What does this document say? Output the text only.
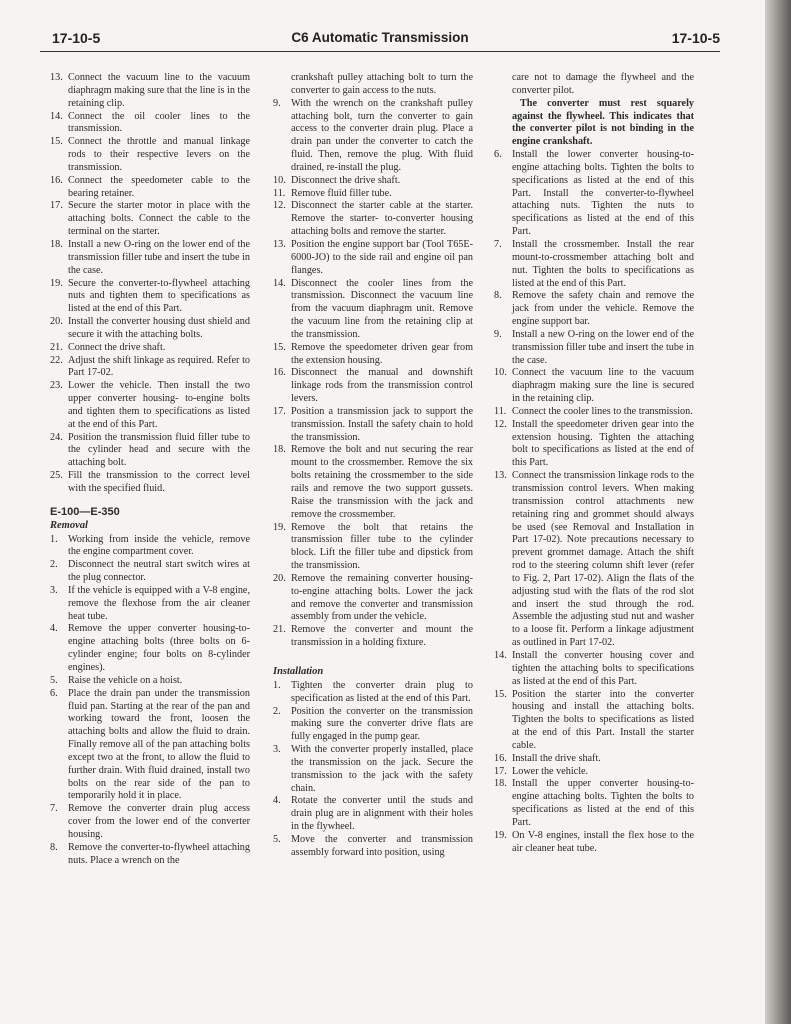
17-10-5	C6 Automatic Transmission	17-10-5
13. Connect the vacuum line to the vacuum diaphragm making sure that the line is in the retaining clip.
14. Connect the oil cooler lines to the transmission.
15. Connect the throttle and manual linkage rods to their respective levers on the transmission.
16. Connect the speedometer cable to the bearing retainer.
17. Secure the starter motor in place with the attaching bolts. Connect the cable to the terminal on the starter.
18. Install a new O-ring on the lower end of the transmission filler tube and insert the tube in the case.
19. Secure the converter-to-flywheel attaching nuts and tighten them to specifications as listed at the end of this Part.
20. Install the converter housing dust shield and secure it with the attaching bolts.
21. Connect the drive shaft.
22. Adjust the shift linkage as required. Refer to Part 17-02.
23. Lower the vehicle. Then install the two upper converter housing- to-engine bolts and tighten them to specifications as listed at the end of this Part.
24. Position the transmission fluid filler tube to the cylinder head and secure with the attaching bolt.
25. Fill the transmission to the correct level with the specified fluid.
E-100—E-350
Removal
1.	Working from inside the vehicle, remove the engine compartment cover.
2.	Disconnect the neutral start switch wires at the plug connector.
3.	If the vehicle is equipped with a V-8 engine, remove the flexhose from the air cleaner heat tube.
4.	Remove the upper converter housing-to-engine attaching bolts (three bolts on 6-cylinder engine; four bolts on 8-cylinder engines).
5.	Raise the vehicle on a hoist.
6.	Place the drain pan under the transmission fluid pan. Starting at the rear of the pan and working toward the front, loosen the attaching bolts and allow the fluid to drain. Finally remove all of the pan attaching bolts except two at the front, to allow the fluid to further drain. With fluid drained, install two bolts on the rear side of the pan to temporarily hold it in place.
7.	Remove the converter drain plug access cover from the lower end of the converter housing.
8.	Remove the converter-to-flywheel attaching nuts. Place a wrench on the
crankshaft pulley attaching bolt to turn the converter to gain access to the nuts.
9.	With the wrench on the crankshaft pulley attaching bolt, turn the converter to gain access to the converter drain plug. Place a drain pan under the converter to catch the fluid. Then, remove the plug. With fluid drained, re-install the plug.
10. Disconnect the drive shaft.
11. Remove fluid filler tube.
12. Disconnect the starter cable at the starter. Remove the starter- to-converter housing attaching bolts and remove the starter.
13. Position the engine support bar (Tool T65E-6000-JO) to the side rail and engine oil pan flanges.
14. Disconnect the cooler lines from the transmission. Disconnect the vacuum line from the vacuum diaphragm unit. Remove the vacuum line from the retaining clip at the transmission.
15. Remove the speedometer driven gear from the extension housing.
16. Disconnect the manual and downshift linkage rods from the transmission control levers.
17. Position a transmission jack to support the transmission. Install the safety chain to hold the transmission.
18. Remove the bolt and nut securing the rear mount to the crossmember. Remove the six bolts retaining the crossmember to the side rails and remove the two support gussets. Raise the transmission with the jack and remove the crossmember.
19. Remove the bolt that retains the transmission filler tube to the cylinder block. Lift the filler tube and dipstick from the transmission.
20. Remove the remaining converter housing-to-engine attaching bolts. Lower the jack and remove the converter and transmission assembly from under the vehicle.
21. Remove the converter and mount the transmission in a holding fixture.
Installation
1.	Tighten the converter drain plug to specification as listed at the end of this Part.
2.	Position the converter on the transmission making sure the converter drive flats are fully engaged in the pump gear.
3.	With the converter properly installed, place the transmission on the jack. Secure the transmission to the jack with the safety chain.
4.	Rotate the converter until the studs and drain plug are in alignment with their holes in the flywheel.
5.	Move the converter and transmission assembly forward into position, using
care not to damage the flywheel and the converter pilot.
The converter must rest squarely against the flywheel. This indicates that the converter pilot is not binding in the engine crankshaft.
6.	Install the lower converter housing-to-engine attaching bolts. Tighten the bolts to specifications as listed at the end of this Part. Install the converter-to-flywheel attaching nuts. Tighten the nuts to specifications as listed at the end of this Part.
7.	Install the crossmember. Install the rear mount-to-crossmember attaching bolt and nut. Tighten the bolts to specifications as listed at the end of this Part.
8.	Remove the safety chain and remove the jack from under the vehicle. Remove the engine support bar.
9.	Install a new O-ring on the lower end of the transmission filler tube and insert the tube in the case.
10. Connect the vacuum line to the vacuum diaphragm making sure the line is secured in the retaining clip.
11. Connect the cooler lines to the transmission.
12. Install the speedometer driven gear into the extension housing. Tighten the attaching bolt to specifications as listed at the end of this Part.
13. Connect the transmission linkage rods to the transmission control levers. When making transmission control attachments new retaining ring and grommet should always be used (see Removal and Installation in Part 17-02). Note precautions necessary to prevent grommet damage. Attach the shift rod to the steering column shift lever (refer to Fig. 2, Part 17-02). Align the flats of the adjusting stud with the flats of the rod slot and insert the stud through the rod. Assemble the adjusting stud nut and washer to a loose fit. Perform a linkage adjustment as outlined in Part 17-02.
14. Install the converter housing cover and tighten the attaching bolts to specifications as listed at the end of this Part.
15. Position the starter into the converter housing and install the attaching bolts. Tighten the bolts to specifications as listed at the end of this Part. Install the starter cable.
16. Install the drive shaft.
17. Lower the vehicle.
18. Install the upper converter housing-to-engine attaching bolts. Tighten the bolts to specifications as listed at the end of this Part.
19. On V-8 engines, install the flex hose to the air cleaner heat tube.
